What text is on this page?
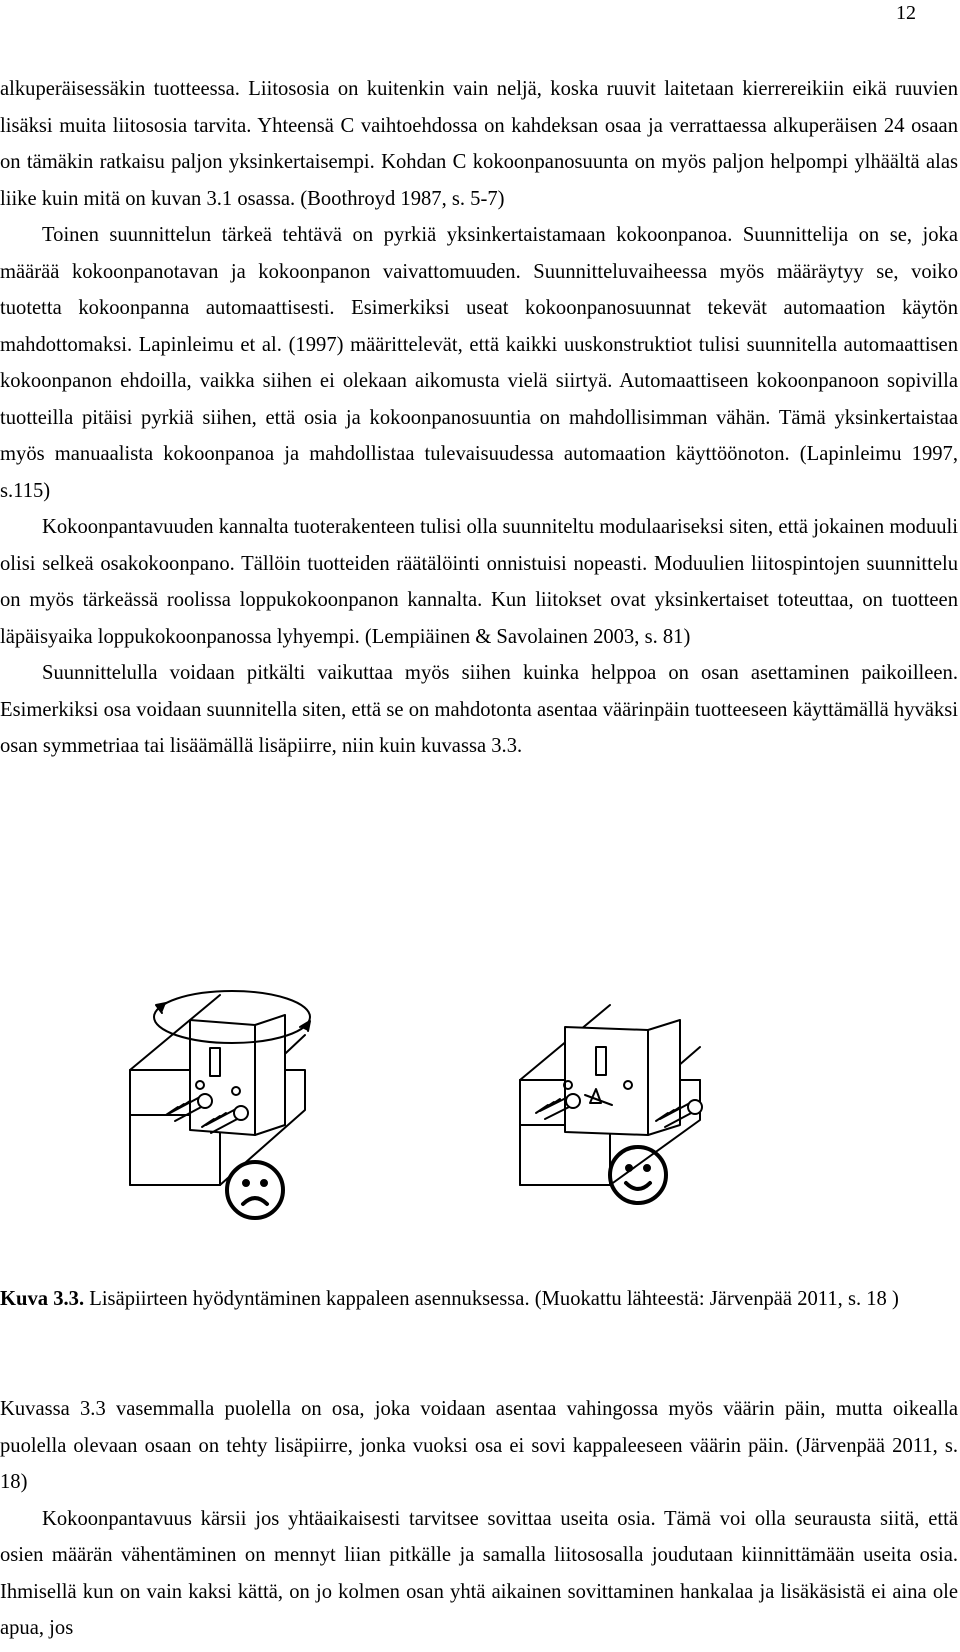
12

alkuperäisessäkin tuotteessa. Liitososia on kuitenkin vain neljä, koska ruuvit laitetaan kierrereikiin eikä ruuvien lisäksi muita liitososia tarvita. Yhteensä C vaihtoehdossa on kahdeksan osaa ja verrattaessa alkuperäisen 24 osaan on tämäkin ratkaisu paljon yksinkertaisempi. Kohdan C kokoonpanosuunta on myös paljon helpompi ylhäältä alas liike kuin mitä on kuvan 3.1 osassa. (Boothroyd 1987, s. 5-7)

Toinen suunnittelun tärkeä tehtävä on pyrkiä yksinkertaistamaan kokoonpanoa. Suunnittelija on se, joka määrää kokoonpanotavan ja kokoonpanon vaivattomuuden. Suunnitteluvaiheessa myös määräytyy se, voiko tuotetta kokoonpanna automaattisesti. Esimerkiksi useat kokoonpanosuunnat tekevät automaation käytön mahdottomaksi. Lapinleimu et al. (1997) määrittelevät, että kaikki uuskonstruktiot tulisi suunnitella automaattisen kokoonpanon ehdoilla, vaikka siihen ei olekaan aikomusta vielä siirtyä. Automaattiseen kokoonpanoon sopivilla tuotteilla pitäisi pyrkiä siihen, että osia ja kokoonpanosuuntia on mahdollisimman vähän. Tämä yksinkertaistaa myös manuaalista kokoonpanoa ja mahdollistaa tulevaisuudessa automaation käyttöönoton. (Lapinleimu 1997, s.115)

Kokoonpantavuuden kannalta tuoterakenteen tulisi olla suunniteltu modulaariseksi siten, että jokainen moduuli olisi selkeä osakokoonpano. Tällöin tuotteiden räätälöinti onnistuisi nopeasti. Moduulien liitospintojen suunnittelu on myös tärkeässä roolissa loppukokoonpanon kannalta. Kun liitokset ovat yksinkertaiset toteuttaa, on tuotteen läpäisyaika loppukokoonpanossa lyhyempi. (Lempiäinen & Savolainen 2003, s. 81)

Suunnittelulla voidaan pitkälti vaikuttaa myös siihen kuinka helppoa on osan asettaminen paikoilleen. Esimerkiksi osa voidaan suunnitella siten, että se on mahdotonta asentaa väärinpäin tuotteeseen käyttämällä hyväksi osan symmetriaa tai lisäämällä lisäpiirre, niin kuin kuvassa 3.3.

Kuva 3.3. Lisäpiirteen hyödyntäminen kappaleen asennuksessa. (Muokattu lähteestä: Järvenpää 2011, s. 18 )

Kuvassa 3.3 vasemmalla puolella on osa, joka voidaan asentaa vahingossa myös väärin päin, mutta oikealla puolella olevaan osaan on tehty lisäpiirre, jonka vuoksi osa ei sovi kappaleeseen väärin päin. (Järvenpää 2011, s. 18)

Kokoonpantavuus kärsii jos yhtäaikaisesti tarvitsee sovittaa useita osia. Tämä voi olla seurausta siitä, että osien määrän vähentäminen on mennyt liian pitkälle ja samalla liitososalla joudutaan kiinnittämään useita osia. Ihmisellä kun on vain kaksi kättä, on jo kolmen osan yhtä aikainen sovittaminen hankalaa ja lisäkäsistä ei aina ole apua, jos
